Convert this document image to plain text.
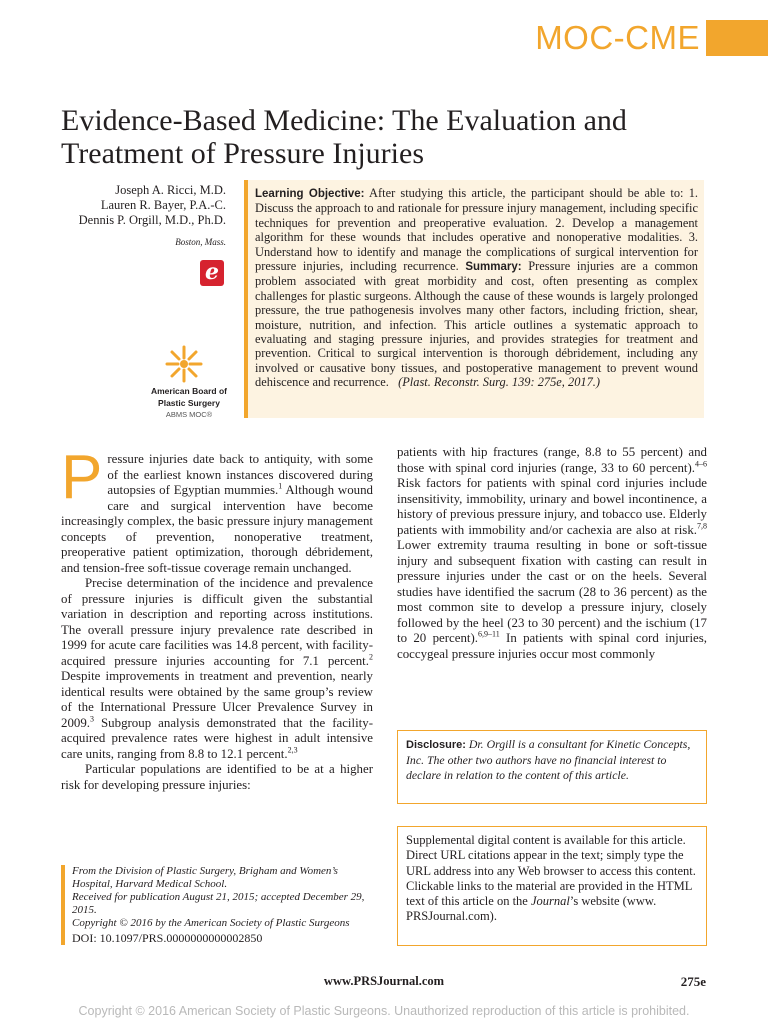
MOC-CME
Evidence-Based Medicine: The Evaluation and Treatment of Pressure Injuries
Joseph A. Ricci, M.D.
Lauren R. Bayer, P.A.-C.
Dennis P. Orgill, M.D., Ph.D.
Boston, Mass.
e
American Board of
Plastic Surgery
ABMS MOC®
Learning Objective: After studying this article, the participant should be able to: 1. Discuss the approach to and rationale for pressure injury management, including specific techniques for prevention and preoperative evaluation. 2. Develop a management algorithm for these wounds that includes operative and nonoperative modalities. 3. Understand how to identify and manage the complications of surgical intervention for pressure injuries, including recurrence. Summary: Pressure injuries are a common problem associated with great morbidity and cost, often presenting as complex challenges for plastic surgeons. Although the cause of these wounds is largely prolonged pressure, the true pathogenesis involves many other factors, including friction, shear, moisture, nutrition, and infection. This article outlines a systematic approach to evaluating and staging pressure injuries, and provides strategies for treatment and prevention. Critical to surgical intervention is thorough débridement, including any involved or causative bony tissues, and postoperative management to prevent wound dehiscence and recurrence. (Plast. Reconstr. Surg. 139: 275e, 2017.)

Pressure injuries date back to antiquity, with some of the earliest known instances discovered during autopsies of Egyptian mummies.$^1$ Although wound care and surgical intervention have become increasingly complex, the basic pressure injury management concepts of prevention, nonoperative treatment, preoperative patient optimization, thorough débridement, and tension-free soft-tissue coverage remain unchanged.

Precise determination of the incidence and prevalence of pressure injuries is difficult given the substantial variation in description and reporting across institutions. The overall pressure injury prevalence rate described in 1999 for acute care facilities was 14.8 percent, with facility-acquired pressure injuries accounting for 7.1 percent.$^2$ Despite improvements in treatment and prevention, nearly identical results were obtained by the same group’s review of the International Pressure Ulcer Prevalence Survey in 2009.$^3$ Subgroup analysis demonstrated that the facility-acquired prevalence rates were highest in adult intensive care units, ranging from 8.8 to 12.1 percent.$^{2,3}$

Particular populations are identified to be at a higher risk for developing pressure injuries:

patients with hip fractures (range, 8.8 to 55 percent) and those with spinal cord injuries (range, 33 to 60 percent).$^{4-6}$ Risk factors for patients with spinal cord injuries include insensitivity, immobility, urinary and bowel incontinence, a history of previous pressure injury, and tobacco use. Elderly patients with immobility and/or cachexia are also at risk.$^{7,8}$ Lower extremity trauma resulting in bone or soft-tissue injury and subsequent fixation with casting can result in pressure injuries under the cast or on the heels. Several studies have identified the sacrum (28 to 36 percent) as the most common site to develop a pressure injury, closely followed by the heel (23 to 30 percent) and the ischium (17 to 20 percent).$^{6,9-11}$ In patients with spinal cord injuries, coccygeal pressure injuries occur most commonly

From the Division of Plastic Surgery, Brigham and Women’s Hospital, Harvard Medical School.
Received for publication August 21, 2015; accepted December 29, 2015.
Copyright © 2016 by the American Society of Plastic Surgeons
DOI: 10.1097/PRS.0000000000002850
Disclosure: Dr. Orgill is a consultant for Kinetic Concepts, Inc. The other two authors have no financial interest to declare in relation to the content of this article.
Supplemental digital content is available for this article. Direct URL citations appear in the text; simply type the URL address into any Web browser to access this content. Clickable links to the material are provided in the HTML text of this article on the Journal’s website (www. PRSJournal.com).
www.PRSJournal.com	275e
Copyright © 2016 American Society of Plastic Surgeons. Unauthorized reproduction of this article is prohibited.
